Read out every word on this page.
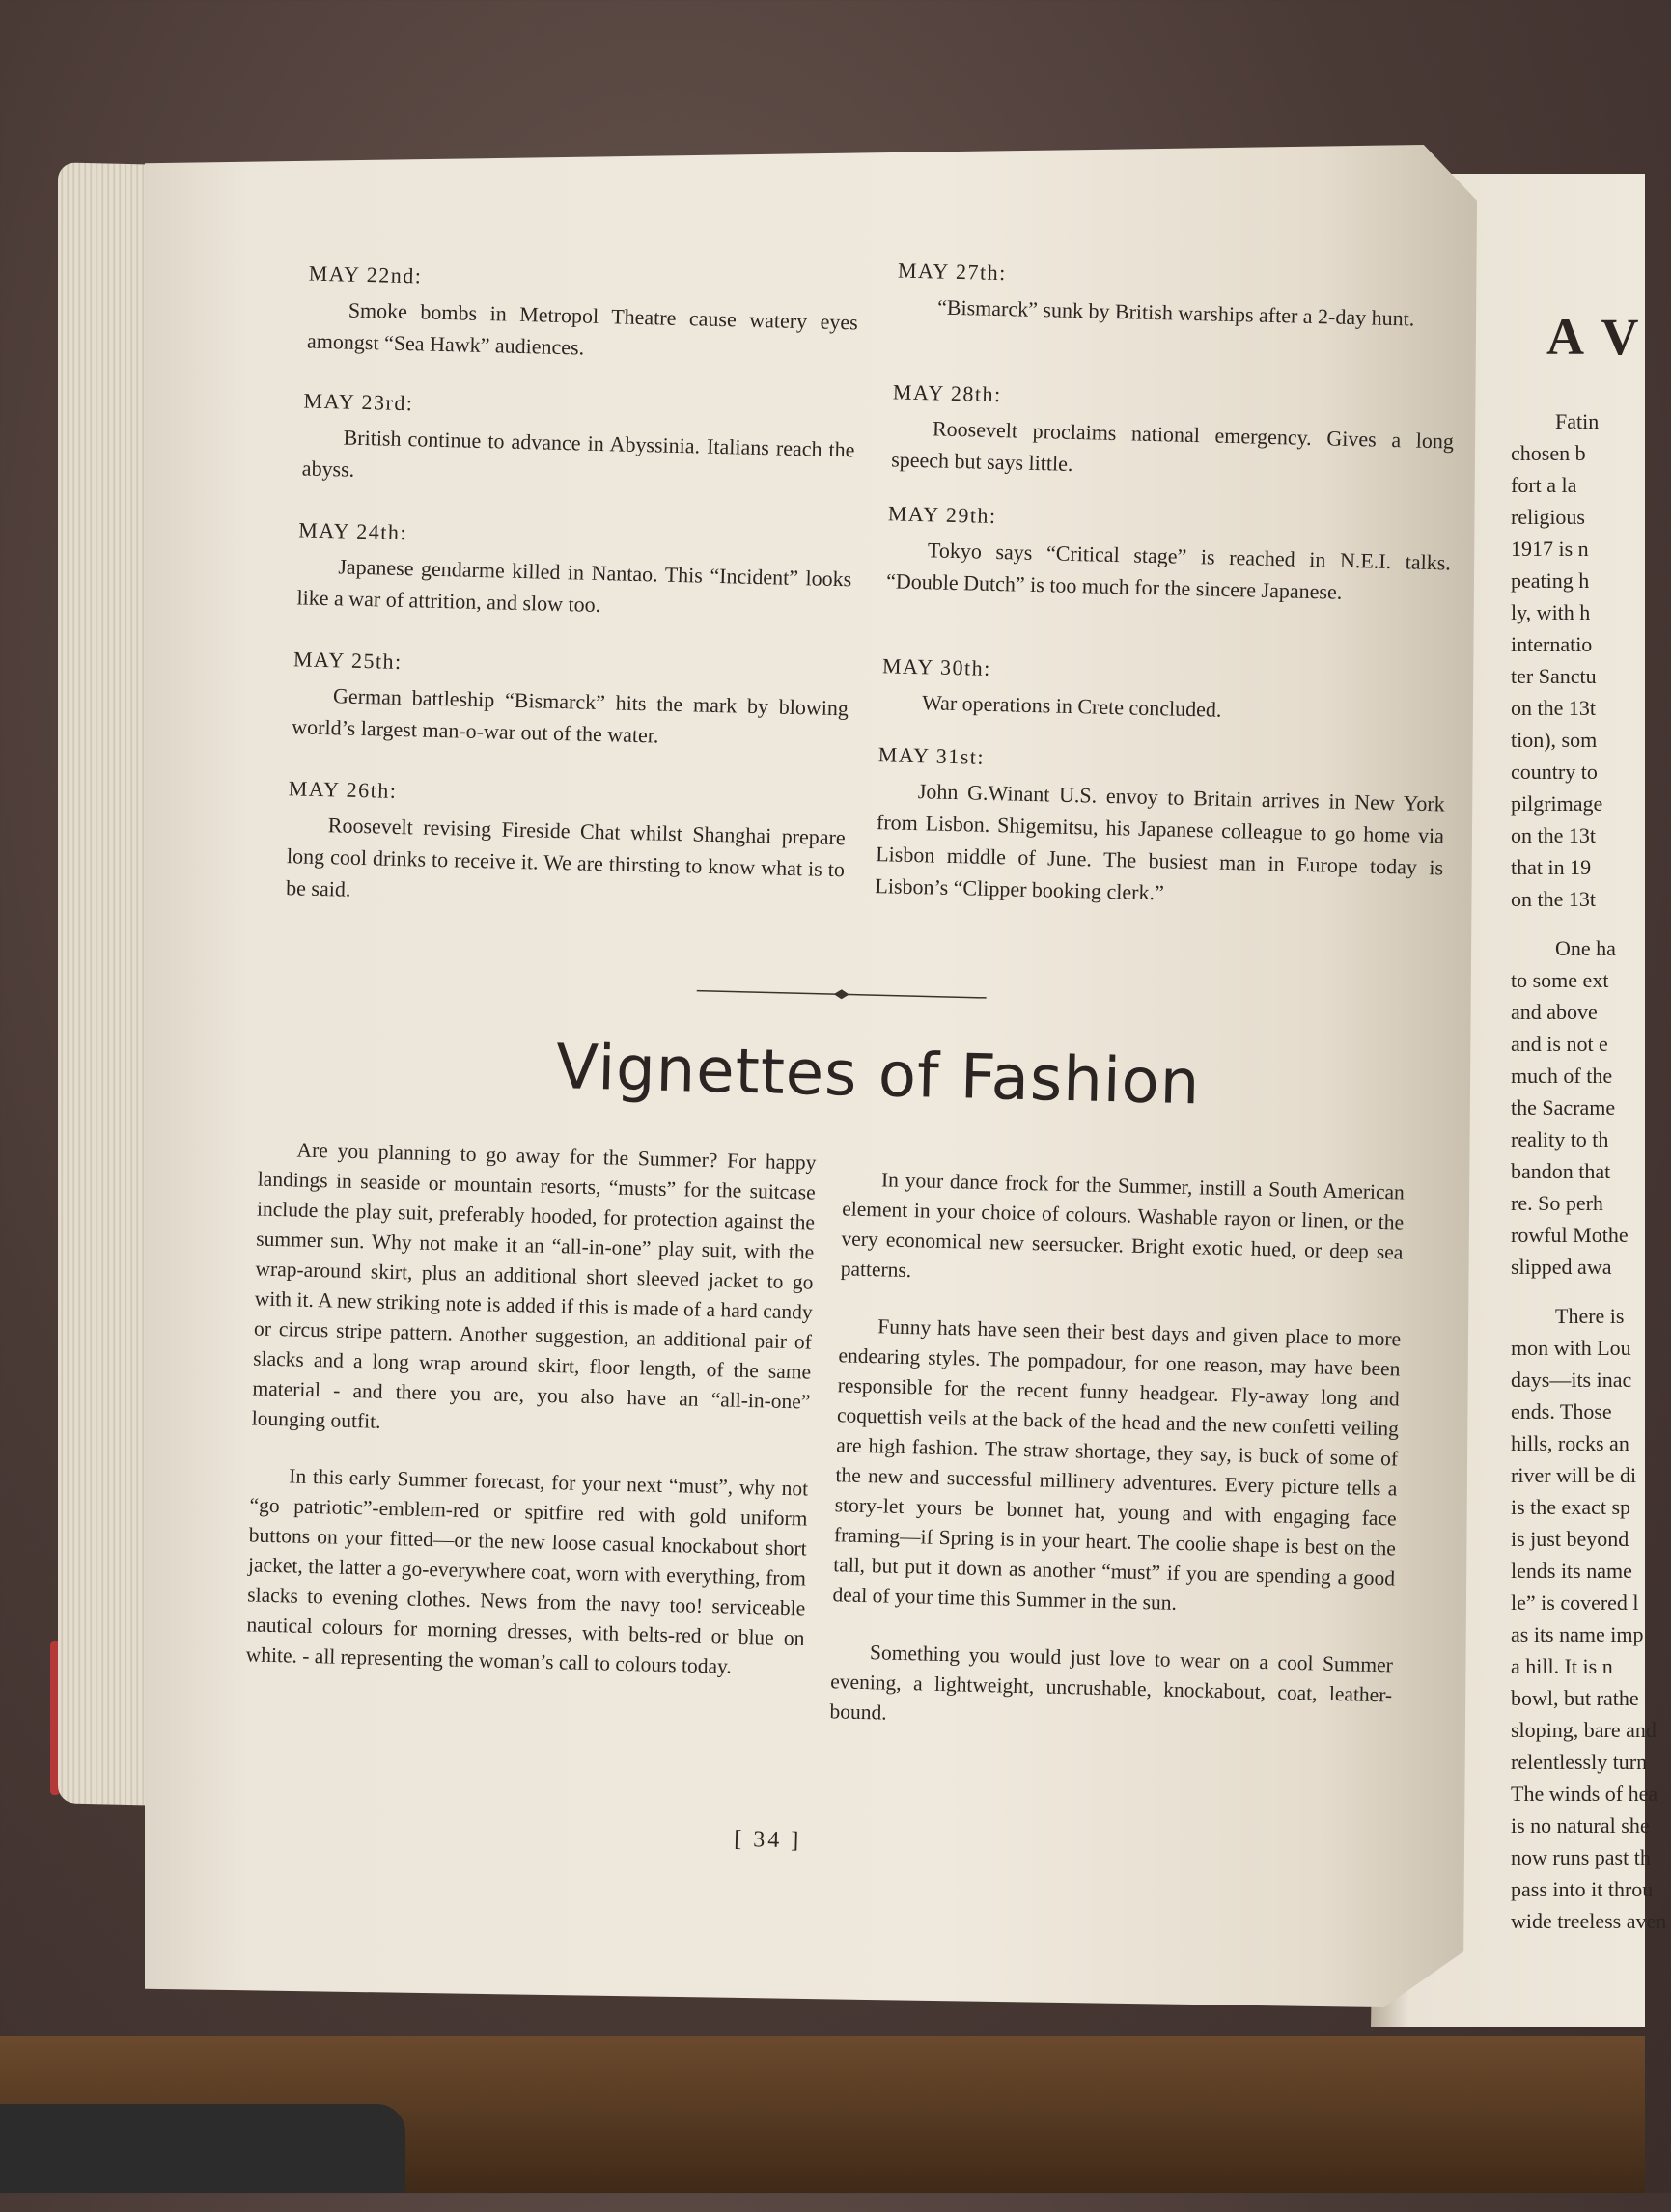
MAY 22nd:

Smoke bombs in Metropol Theatre cause watery eyes amongst “Sea Hawk” audiences.

MAY 23rd:

British continue to advance in Abyssinia. Italians reach the abyss.

MAY 24th:

Japanese gendarme killed in Nantao. This “Incident” looks like a war of attrition, and slow too.

MAY 25th:

German battleship “Bismarck” hits the mark by blowing world’s largest man-o-war out of the water.

MAY 26th:

Roosevelt revising Fireside Chat whilst Shanghai prepare long cool drinks to receive it. We are thirsting to know what is to be said.

MAY 27th:

“Bismarck” sunk by British warships after a 2-day hunt.

MAY 28th:

Roosevelt proclaims national emergency. Gives a long speech but says little.

MAY 29th:

Tokyo says “Critical stage” is reached in N.E.I. talks. “Double Dutch” is too much for the sincere Japanese.

MAY 30th:

War operations in Crete concluded.

MAY 31st:

John G.Winant U.S. envoy to Britain arrives in New York from Lisbon. Shigemitsu, his Japanese colleague to go home via Lisbon middle of June. The busiest man in Europe today is Lisbon’s “Clipper booking clerk.”

Vignettes of Fashion

Are you planning to go away for the Summer? For happy landings in seaside or mountain resorts, “musts” for the suitcase include the play suit, preferably hooded, for protection against the summer sun. Why not make it an “all-in-one” play suit, with the wrap-around skirt, plus an additional short sleeved jacket to go with it. A new striking note is added if this is made of a hard candy or circus stripe pattern. Another suggestion, an additional pair of slacks and a long wrap around skirt, floor length, of the same material - and there you are, you also have an “all-in-one” lounging outfit.

In this early Summer forecast, for your next “must”, why not “go patriotic”-emblem-red or spitfire red with gold uniform buttons on your fitted—or the new loose casual knockabout short jacket, the latter a go-everywhere coat, worn with everything, from slacks to evening clothes. News from the navy too! serviceable nautical colours for morning dresses, with belts-red or blue on white. - all representing the woman’s call to colours today.

In your dance frock for the Summer, instill a South American element in your choice of colours. Washable rayon or linen, or the very economical new seersucker. Bright exotic hued, or deep sea patterns.

Funny hats have seen their best days and given place to more endearing styles. The pompadour, for one reason, may have been responsible for the recent funny headgear. Fly-away long and coquettish veils at the back of the head and the new confetti veiling are high fashion. The straw shortage, they say, is buck of some of the new and successful millinery adventures. Every picture tells a story-let yours be bonnet hat, young and with engaging face framing—if Spring is in your heart. The coolie shape is best on the tall, but put it down as another “must” if you are spending a good deal of your time this Summer in the sun.

Something you would just love to wear on a cool Summer evening, a lightweight, uncrushable, knockabout, coat, leather-bound.

[ 34 ]
A V
Fatin
chosen b
fort a la
religious
1917 is n
peating h
ly, with h
internatio
ter Sanctu
on the 13t
tion), som
country to
pilgrimage
on the 13t
that in 19
on the 13t
One ha
to some ext
and above
and is not e
much of the
the Sacrame
reality to th
bandon that
re. So perh
rowful Mothe
slipped awa
There is
mon with Lou
days—its inac
ends. Those
hills, rocks an
river will be di
is the exact sp
is just beyond
lends its name
le” is covered l
as its name imp
a hill. It is n
bowl, but rathe
sloping, bare and
relentlessly turn
The winds of hea
is no natural she
now runs past th
pass into it throu
wide treeless aven
